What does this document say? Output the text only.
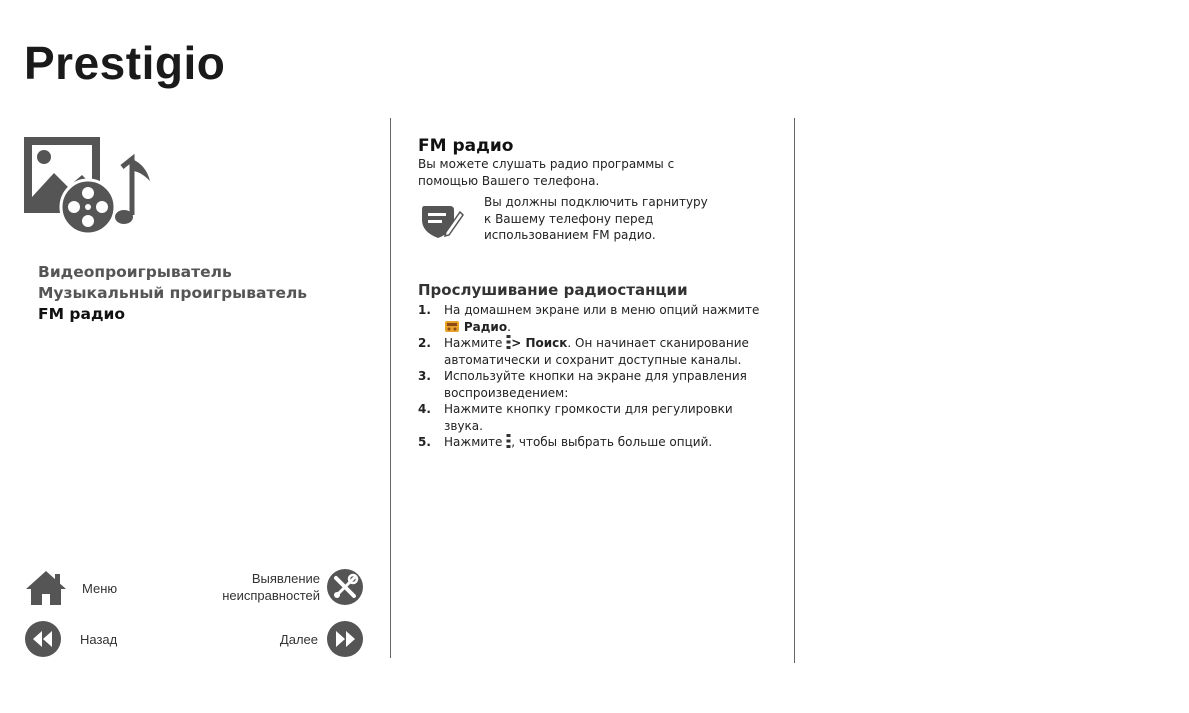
Prestigio
Видеопроигрыватель
Музыкальный проигрыватель
FM радио
Меню
Назад
Выявление
неисправностей
Далее
FM радио

Вы можете слушать радио программы с помощью Вашего телефона.

Вы должны подключить гарнитуру
к Вашему телефону перед
использованием FM радио.
Прослушивание радиостанции
1. На домашнем экране или в меню опций нажмите  Радио.
2. Нажмите > Поиск. Он начинает сканирование автоматически и сохранит доступные каналы.
3. Используйте кнопки на экране для управления воспроизведением:
4. Нажмите кнопку громкости для регулировки звука.
5. Нажмите , чтобы выбрать больше опций.
